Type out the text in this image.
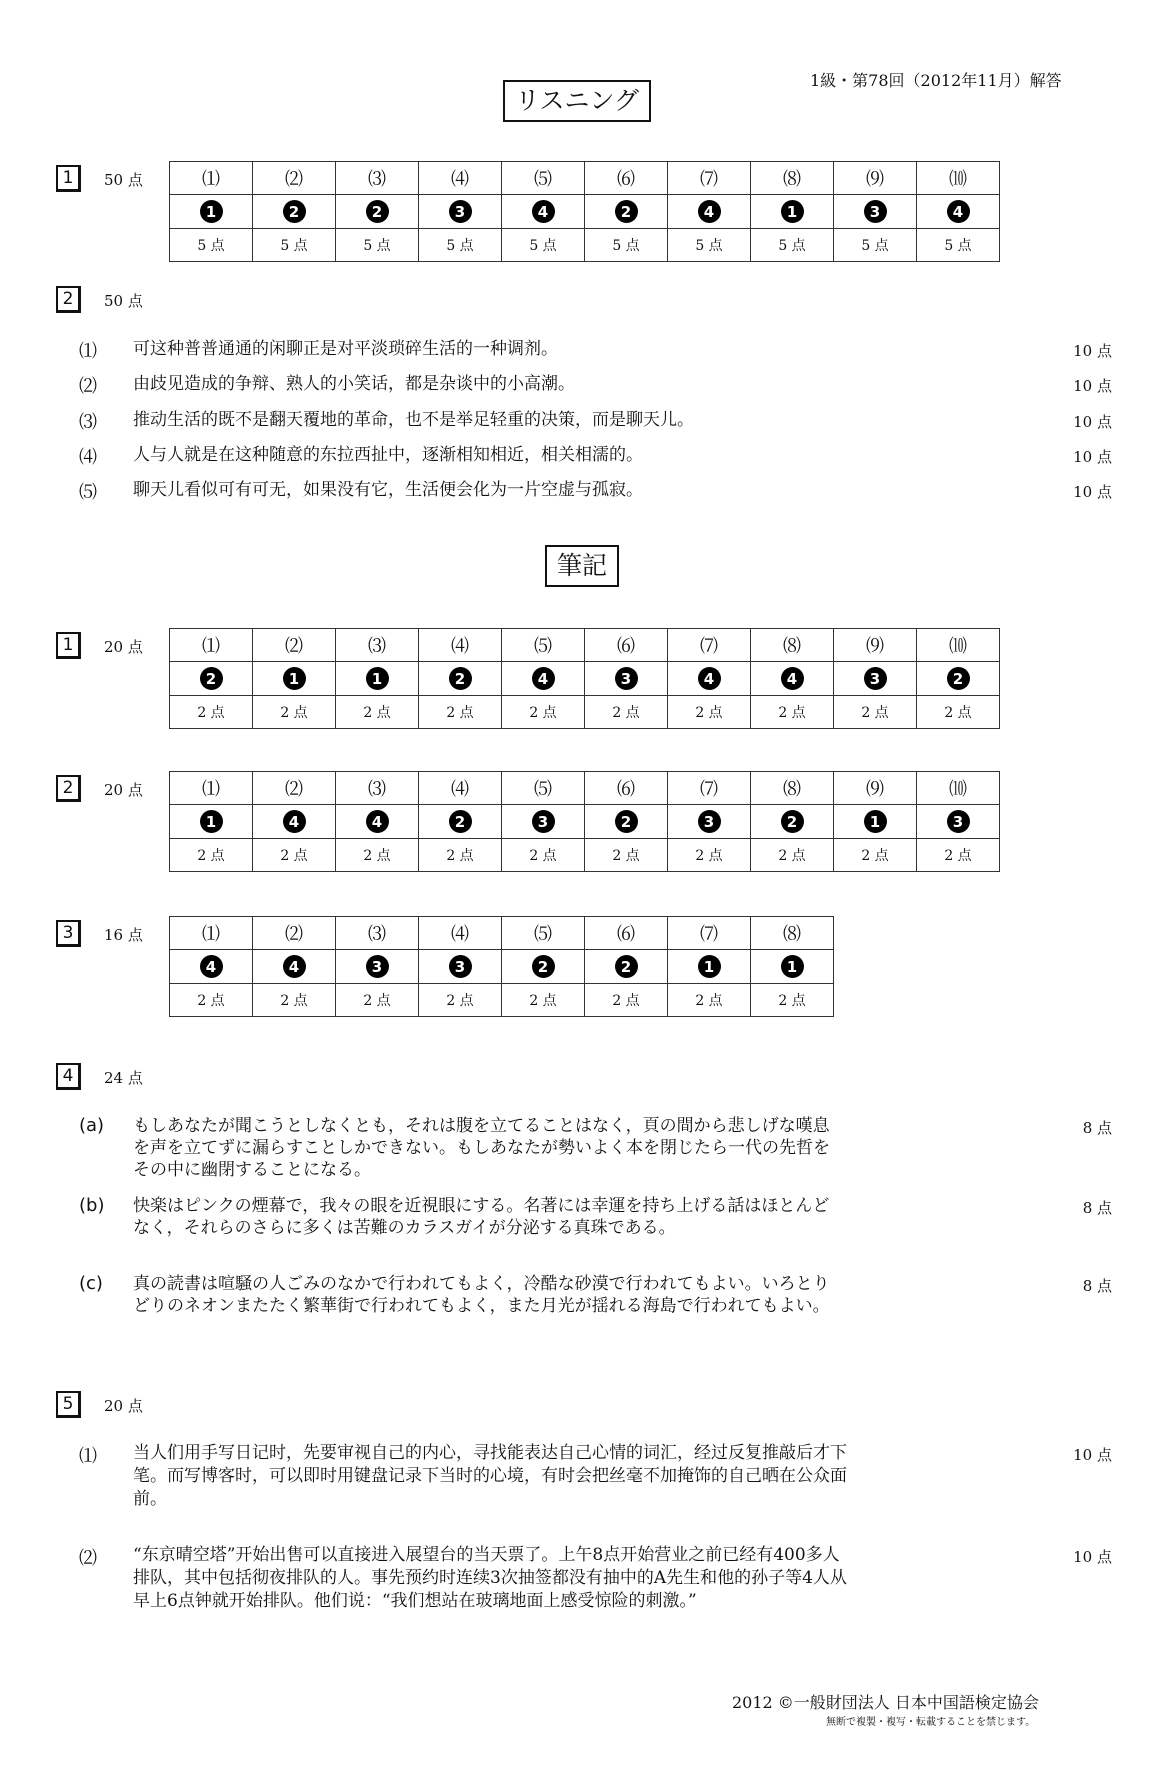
1級・第78回（2012年11月）解答
リスニング
1	50 点	⑴	⑵	⑶	⑷	⑸	⑹	⑺	⑻	⑼	⑽
1	2	2	3	4	2	4	1	3	4
5 点	5 点	5 点	5 点	5 点	5 点	5 点	5 点	5 点	5 点
2	50 点
⑴	可这种普普通通的闲聊正是对平淡琐碎生活的一种调剂。	10 点
⑵	由歧见造成的争辩、熟人的小笑话，都是杂谈中的小高潮。	10 点
⑶	推动生活的既不是翻天覆地的革命，也不是举足轻重的决策，而是聊天儿。	10 点
⑷	人与人就是在这种随意的东拉西扯中，逐渐相知相近，相关相濡的。	10 点
⑸	聊天儿看似可有可无，如果没有它，生活便会化为一片空虚与孤寂。	10 点
筆記
1	20 点	⑴	⑵	⑶	⑷	⑸	⑹	⑺	⑻	⑼	⑽
2	1	1	2	4	3	4	4	3	2
2 点	2 点	2 点	2 点	2 点	2 点	2 点	2 点	2 点	2 点
2	20 点	⑴	⑵	⑶	⑷	⑸	⑹	⑺	⑻	⑼	⑽
1	4	4	2	3	2	3	2	1	3
2 点	2 点	2 点	2 点	2 点	2 点	2 点	2 点	2 点	2 点
3	16 点	⑴	⑵	⑶	⑷	⑸	⑹	⑺	⑻
4	4	3	3	2	2	1	1
2 点	2 点	2 点	2 点	2 点	2 点	2 点	2 点
4	24 点
(a)	もしあなたが聞こうとしなくとも，それは腹を立てることはなく，頁の間から悲しげな嘆息
を声を立てずに漏らすことしかできない。もしあなたが勢いよく本を閉じたら一代の先哲を
その中に幽閉することになる。
8 点
(b)	快楽はピンクの煙幕で，我々の眼を近視眼にする。名著には幸運を持ち上げる話はほとんど
なく，それらのさらに多くは苦難のカラスガイが分泌する真珠である。
8 点
(c)	真の読書は喧騒の人ごみのなかで行われてもよく，冷酷な砂漠で行われてもよい。いろとり
どりのネオンまたたく繁華街で行われてもよく，また月光が揺れる海島で行われてもよい。
8 点
5	20 点
⑴	当人们用手写日记时，先要审视自己的内心，寻找能表达自己心情的词汇，经过反复推敲后才下
笔。而写博客时，可以即时用键盘记录下当时的心境，有时会把丝毫不加掩饰的自己晒在公众面
前。
10 点
⑵	“东京晴空塔”开始出售可以直接进入展望台的当天票了。上午8点开始营业之前已经有400多人
排队，其中包括彻夜排队的人。事先预约时连续3次抽签都没有抽中的A先生和他的孙子等4人从
早上6点钟就开始排队。他们说：“我们想站在玻璃地面上感受惊险的刺激。”
10 点
2012 ©一般財団法人 日本中国語検定協会
無断で複製・複写・転載することを禁じます。
